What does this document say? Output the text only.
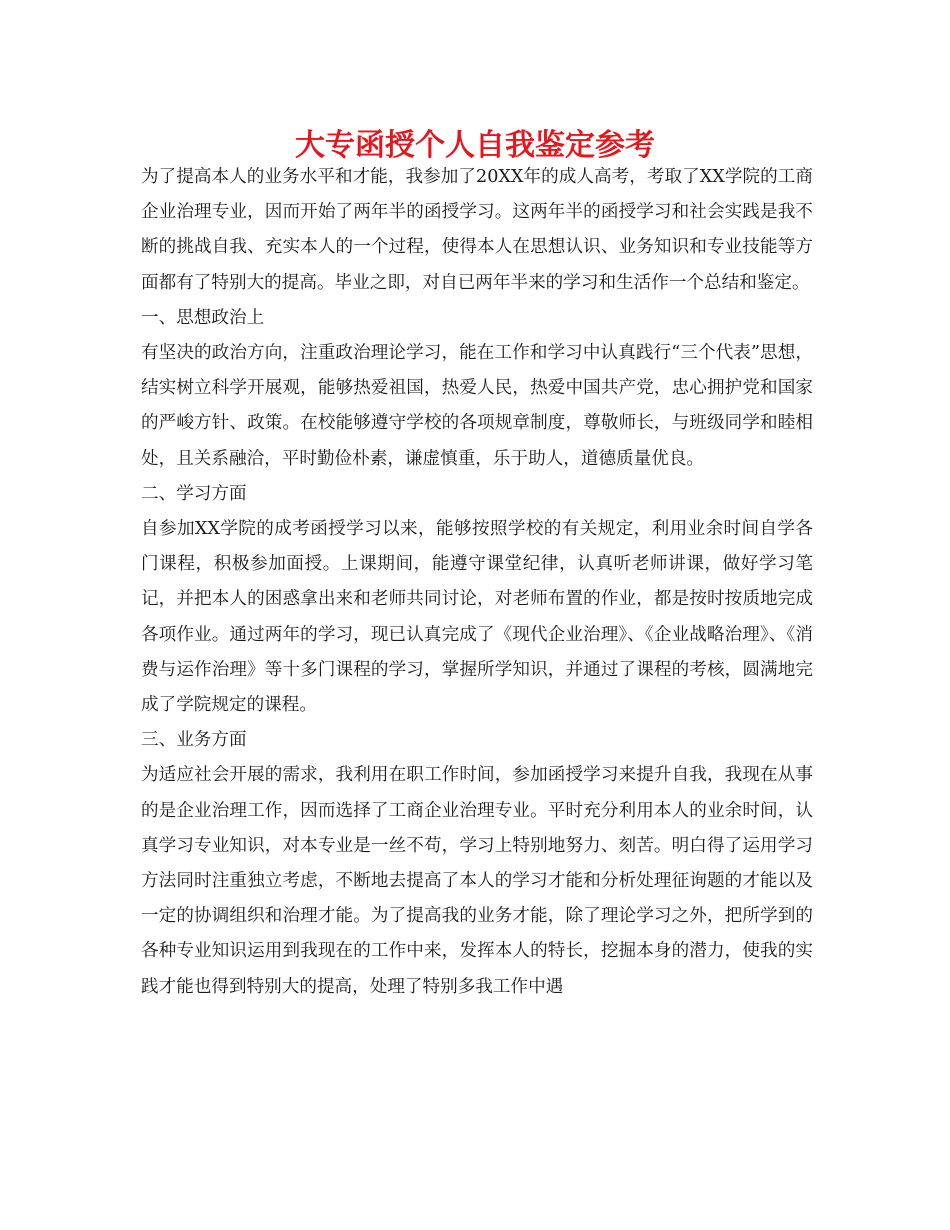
大专函授个人自我鉴定参考

为了提高本人的业务水平和才能，我参加了20XX年的成人高考，考取了XX学院的工商企业治理专业，因而开始了两年半的函授学习。这两年半的函授学习和社会实践是我不断的挑战自我、充实本人的一个过程，使得本人在思想认识、业务知识和专业技能等方面都有了特别大的提高。毕业之即，对自已两年半来的学习和生活作一个总结和鉴定。

一、思想政治上

有坚决的政治方向，注重政治理论学习，能在工作和学习中认真践行“三个代表”思想，结实树立科学开展观，能够热爱祖国，热爱人民，热爱中国共产党，忠心拥护党和国家的严峻方针、政策。在校能够遵守学校的各项规章制度，尊敬师长，与班级同学和睦相处，且关系融洽，平时勤俭朴素，谦虚慎重，乐于助人，道德质量优良。

二、学习方面

自参加XX学院的成考函授学习以来，能够按照学校的有关规定，利用业余时间自学各门课程，积极参加面授。上课期间，能遵守课堂纪律，认真听老师讲课，做好学习笔记，并把本人的困惑拿出来和老师共同讨论，对老师布置的作业，都是按时按质地完成各项作业。通过两年的学习，现已认真完成了《现代企业治理》、《企业战略治理》、《消费与运作治理》等十多门课程的学习，掌握所学知识，并通过了课程的考核，圆满地完成了学院规定的课程。

三、业务方面

为适应社会开展的需求，我利用在职工作时间，参加函授学习来提升自我，我现在从事的是企业治理工作，因而选择了工商企业治理专业。平时充分利用本人的业余时间，认真学习专业知识，对本专业是一丝不苟，学习上特别地努力、刻苦。明白得了运用学习方法同时注重独立考虑，不断地去提高了本人的学习才能和分析处理征询题的才能以及一定的协调组织和治理才能。为了提高我的业务才能，除了理论学习之外，把所学到的各种专业知识运用到我现在的工作中来，发挥本人的特长，挖掘本身的潜力，使我的实践才能也得到特别大的提高，处理了特别多我工作中遇
